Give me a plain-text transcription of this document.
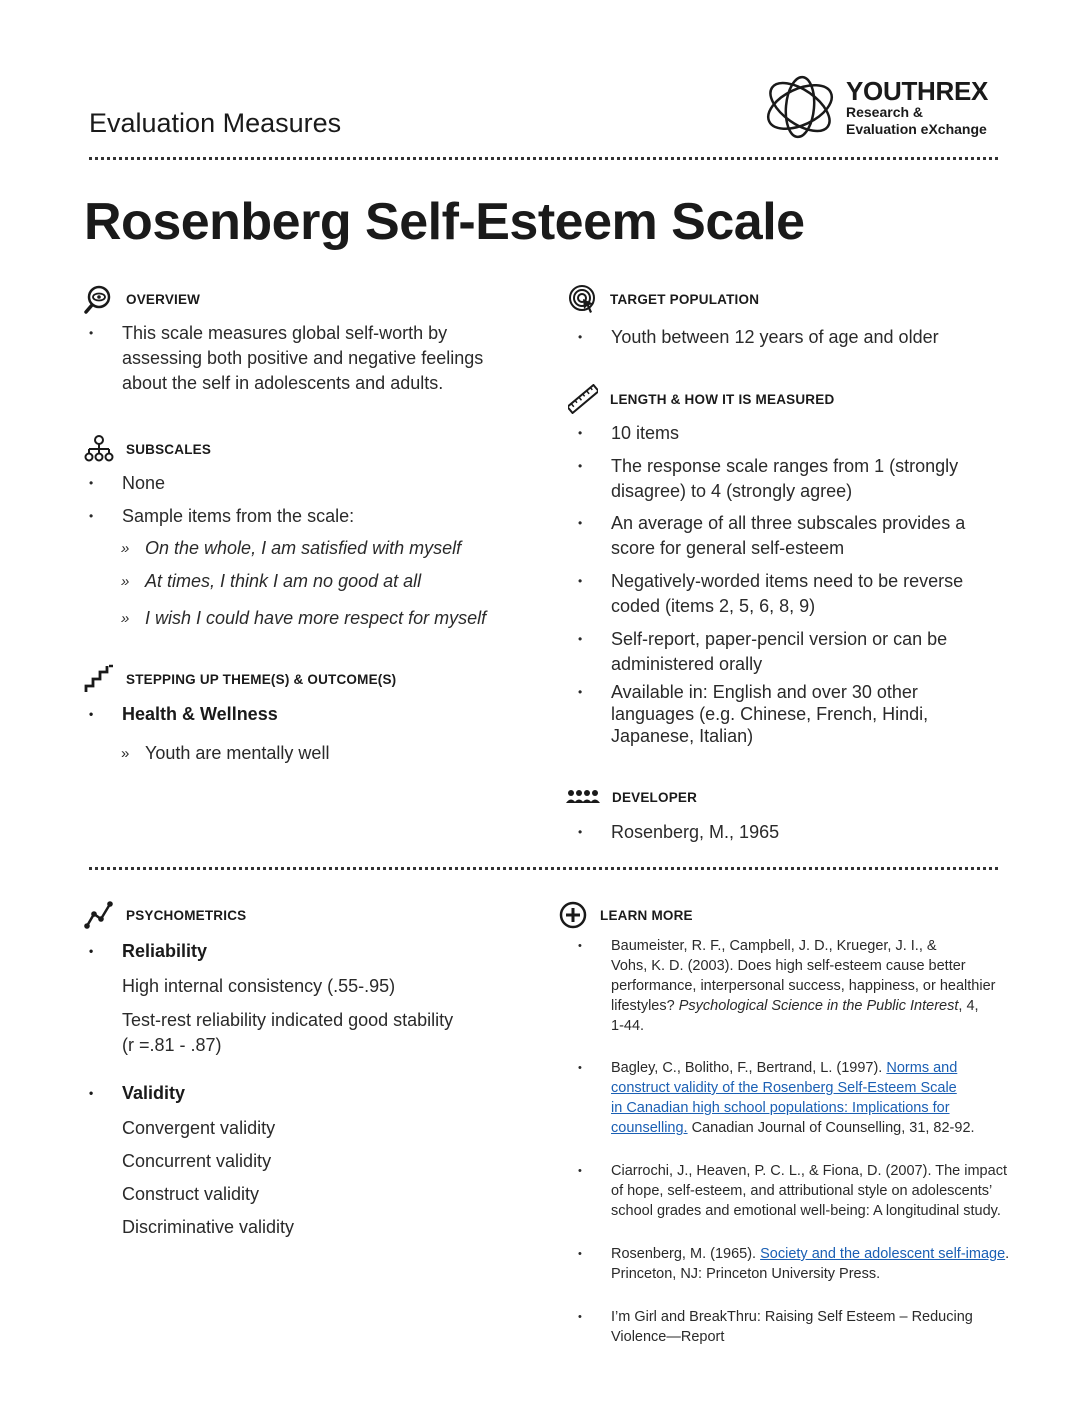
Evaluation Measures
YOUTHREX
Research &
Evaluation eXchange
Rosenberg Self-Esteem Scale
OVERVIEW
• This scale measures global self-worth by
assessing both positive and negative feelings
about the self in adolescents and adults.
SUBSCALES
• None
• Sample items from the scale:
» On the whole, I am satisfied with myself
» At times, I think I am no good at all
» I wish I could have more respect for myself
STEPPING UP THEME(S) & OUTCOME(S)
• Health & Wellness
» Youth are mentally well
TARGET POPULATION
• Youth between 12 years of age and older
LENGTH & HOW IT IS MEASURED
• 10 items
• The response scale ranges from 1 (strongly
disagree) to 4 (strongly agree)
• An average of all three subscales provides a
score for general self-esteem
• Negatively-worded items need to be reverse
coded (items 2, 5, 6, 8, 9)
• Self-report, paper-pencil version or can be
administered orally
• Available in: English and over 30 other
languages (e.g. Chinese, French, Hindi,
Japanese, Italian)
DEVELOPER
• Rosenberg, M., 1965
PSYCHOMETRICS
• Reliability
High internal consistency (.55-.95)
Test-rest reliability indicated good stability
(r =.81 - .87)
• Validity
Convergent validity
Concurrent validity
Construct validity
Discriminative validity
LEARN MORE
• Baumeister, R. F., Campbell, J. D., Krueger, J. I., &
Vohs, K. D. (2003). Does high self-esteem cause better
performance, interpersonal success, happiness, or healthier
lifestyles? Psychological Science in the Public Interest, 4,
1-44.
• Bagley, C., Bolitho, F., Bertrand, L. (1997). Norms and
construct validity of the Rosenberg Self-Esteem Scale
in Canadian high school populations: Implications for
counselling. Canadian Journal of Counselling, 31, 82-92.
• Ciarrochi, J., Heaven, P. C. L., & Fiona, D. (2007). The impact
of hope, self-esteem, and attributional style on adolescents’
school grades and emotional well-being: A longitudinal study.
• Rosenberg, M. (1965). Society and the adolescent self-image.
Princeton, NJ: Princeton University Press.
• I’m Girl and BreakThru: Raising Self Esteem – Reducing
Violence—Report
